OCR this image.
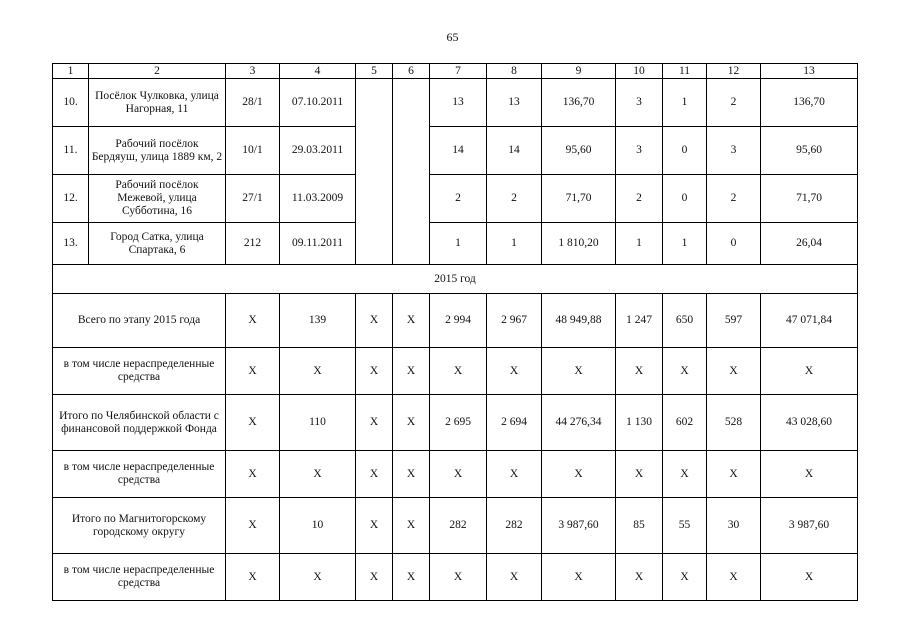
65
1	2	3	4	5	6	7	8	9	10	11	12	13
10.	Посёлок Чулковка, улица Нагорная, 11	28/1	07.10.2011			13	13	136,70	3	1	2	136,70
11.	Рабочий посёлок Бердяуш, улица 1889 км, 2	10/1	29.03.2011			14	14	95,60	3	0	3	95,60
12.	Рабочий посёлок Межевой, улица Субботина, 16	27/1	11.03.2009			2	2	71,70	2	0	2	71,70
13.	Город Сатка, улица Спартака, 6	212	09.11.2011			1	1	1 810,20	1	1	0	26,04
2015 год												
Всего по этапу 2015 года		X	139	X	X	2 994	2 967	48 949,88	1 247	650	597	47 071,84
в том числе нераспределенные средства		X	X	X	X	X	X	X	X	X	X	X
Итого по Челябинской области с финансовой поддержкой Фонда		X	110	X	X	2 695	2 694	44 276,34	1 130	602	528	43 028,60
в том числе нераспределенные средства		X	X	X	X	X	X	X	X	X	X	X
Итого по Магнитогорскому городскому округу		X	10	X	X	282	282	3 987,60	85	55	30	3 987,60
в том числе нераспределенные средства		X	X	X	X	X	X	X	X	X	X	X
